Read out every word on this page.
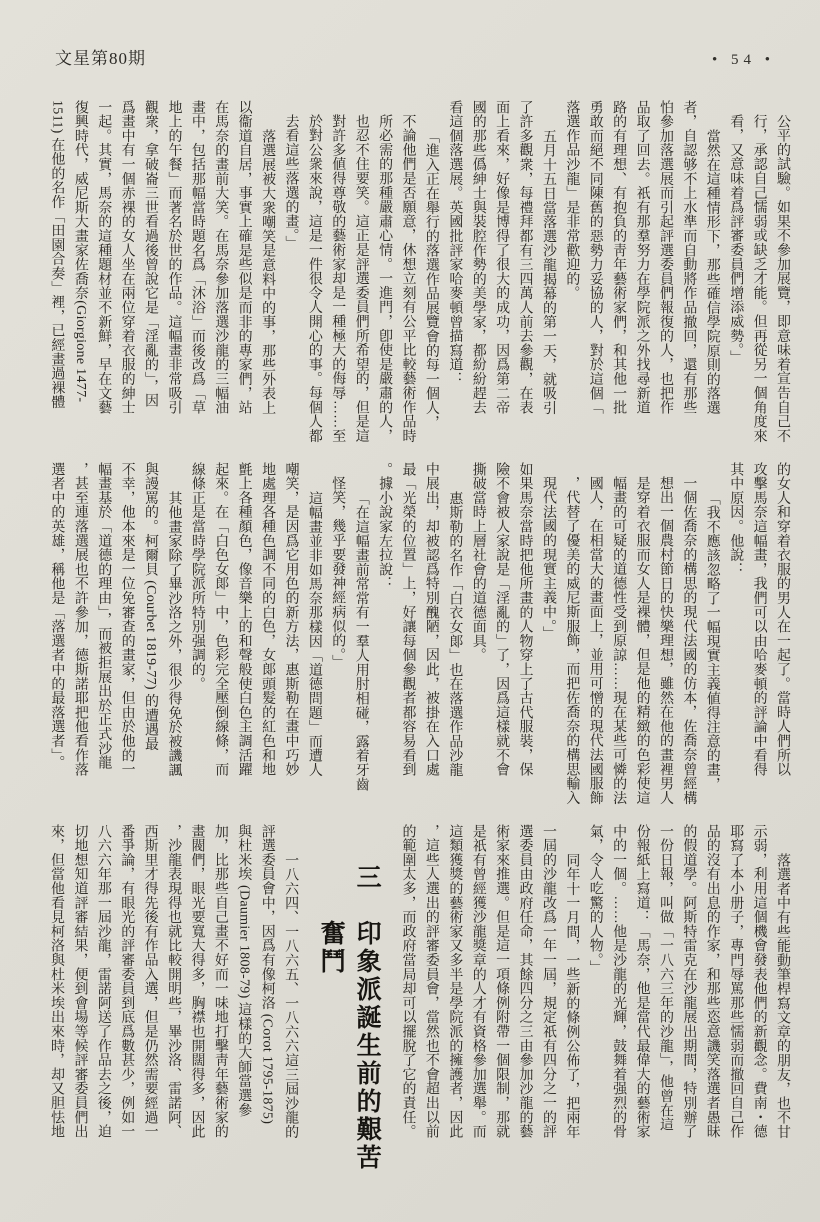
文星第80期	• 54 •
公平的試驗。如果不參加展覽，即意味着宣告自己不
行，承認自己懦弱或缺乏才能。但再從另一個角度來
看，又意味着爲評審委員們增添威勢。」
當然在這種情形下，那些確信學院原則的落選
者，自認够不上水準而自動將作品撤回，還有那些
怕參加落選展而引起評選委員們報復的人，也把作
品取了回去。祇有那羣努力在學院派之外找尋新道
路的有理想、有抱負的靑年藝術家們，和其他一批
勇敢而絕不同陳舊的惡勢力妥協的人，對於這個「
落選作品沙龍」是非常歡迎的。
五月十五日當落選沙龍揭幕的第一天，就吸引
了許多觀衆，每禮拜都有三四萬人前去參觀，在表
面上看來，好像是博得了很大的成功，因爲第二帝
國的那些僞紳士與裝腔作勢的美學家，都紛紛趕去
看這個落選展。英國批評家哈麥頓曾描寫道：
「進入正在舉行的落選作品展覽會的每一個人，
不論他們是否願意，休想立刻有公平比較藝術作品時
所必需的那種嚴肅心情。一進門，卽使是嚴肅的人，
也忍不住要笑。這正是評選委員們所希望的，但是這
對許多値得尊敬的藝術家却是一種極大的侮辱……至
於對公衆來說，這是一件很令人開心的事。每個人都
去看這些落選的畫。」
落選展被大衆嘲笑是意料中的事，那些外表上
以衞道自居，事實上確是些似是而非的專家們，站
在馬奈的畫前大笑。在馬奈參加落選沙龍的三幅油
畫中，包括那幅當時題名爲「沐浴」而後改爲「草
地上的午餐」而著名於世的作品。這幅畫非常吸引
觀衆，拿破崙三世看過後曾說它是「淫亂的」，因
爲畫中有一個赤裸的女人坐在兩位穿着衣服的紳士
一起。其實，馬奈的這種題材並不新鮮，早在文藝
復興時代，威尼斯大畫家佐喬奈(Giorgione 1477-
1511) 在他的名作「田園合奏」裡，已經畫過裸體
的女人和穿着衣服的男人在一起了。當時人們所以
攻擊馬奈這幅畫，我們可以由哈麥頓的評論中看得
其中原因。他說：
「我不應該忽略了一幅現實主義値得注意的畫，
一個佐喬奈的構思的現代法國的仿本，佐喬奈曾經構
想出一個農村節日的快樂理想，雖然在他的畫裡男人
是穿着衣服而女人是裸體，但是他的精緻的色彩使這
幅畫的可疑的道德性受到原諒……現在某些可憐的法
國人，在相當大的畫面上，並用可憎的現代法國服飾
，代替了優美的威尼斯服飾，而把佐喬奈的構思輸入
現代法國的現實主義中。」
如果馬奈當時把他所畫的人物穿上了古代服裝，保
險不會被人家說是「淫亂的」了，因爲這樣就不會
撕破當時上層社會的道德面具。
惠斯勒的名作「白衣女郞」也在落選作品沙龍
中展出，却被認爲特別醜陋，因此，被掛在入口處
最「光榮的位置」上，好讓每個參觀者都容易看到
。據小說家左拉說：
「在這幅畫前常常有一羣人用肘相碰，露着牙齒
怪笑，幾乎要發神經病似的。」
這幅畫並非如馬奈那樣因「道德問題」而遭人
嘲笑，是因爲它用色的新方法，惠斯勒在畫中巧妙
地處理各種色調不同的白色，女郞頭髮的紅色和地
氈上各種顏色，像音樂上的和聲般使白色主調活躍
起來。在「白色女郞」中，色彩完全壓倒線條，而
線條正是當時學院派所特別强調的。
其他畫家除了畢沙洛之外，很少得免於被譏諷
與謾罵的。柯爾貝 (Courbet 1819-77) 的遭遇最
不幸，他本來是一位免審查的畫家，但由於他的一
幅畫基於「道德的理由」，而被拒展出於正式沙龍
，甚至連落選展也不許參加，德斯諾耶把他看作落
選者中的英雄，稱他是「落選者中的最落選者」。
落選者中有些能動筆桿寫文章的朋友，也不甘
示弱，利用這個機會發表他們的新觀念。費南・德
耶寫了本小册子，專門辱罵那些懦弱而撤回自己作
品的沒有出息的作家，和那些恣意譏笑落選者愚昧
的假道學。阿斯特雷克在沙龍展出期間，特別辦了
一份日報，叫做「一八六三年的沙龍」，他曾在這
份報紙上寫道：「馬奈，他是當代最偉大的藝術家
中的一個。……他是沙龍的光輝，鼓舞着强烈的骨
氣，令人吃驚的人物。」
同年十一月間，一些新的條例公佈了，把兩年
一屆的沙龍改爲一年一屆，規定祇有四分之一的評
選委員由政府任命，其餘四分之三由參加沙龍的藝
術家來推選。但是這一項條例附帶一個限制，那就
是祇有曾經獲沙龍獎章的人才有資格參加選舉。而
這類獲獎的藝術家又多半是學院派的擁護者，因此
，這些人選出的評審委員會，當然也不會超出以前
的範圍太多，而政府當局却可以擺脫了它的責任。
三　印象派誕生前的艱苦
奮鬥
一八六四、一八六五、一八六六這三屆沙龍的
評選委員會中，因爲有像柯洛 (Corot 1795-1875)
與杜米埃 (Daumier 1808-79) 這樣的大師當選參
加，比那些自己畫不好而一味地打擊靑年藝術家的
畫閥們，眼光要寬大得多，胸襟也開闊得多，因此
，沙龍表現得也就比較開明些，畢沙洛、雷諾阿、
西斯里才得先後有作品入選，但是仍然需要經過一
番爭論，有眼光的評審委員到底爲數甚少，例如一
八六六年那一屆沙龍，雷諾阿送了作品去之後，迫
切地想知道評審結果，便到會場等候評審委員們出
來，但當他看見柯洛與杜米埃出來時，却又胆怯地
